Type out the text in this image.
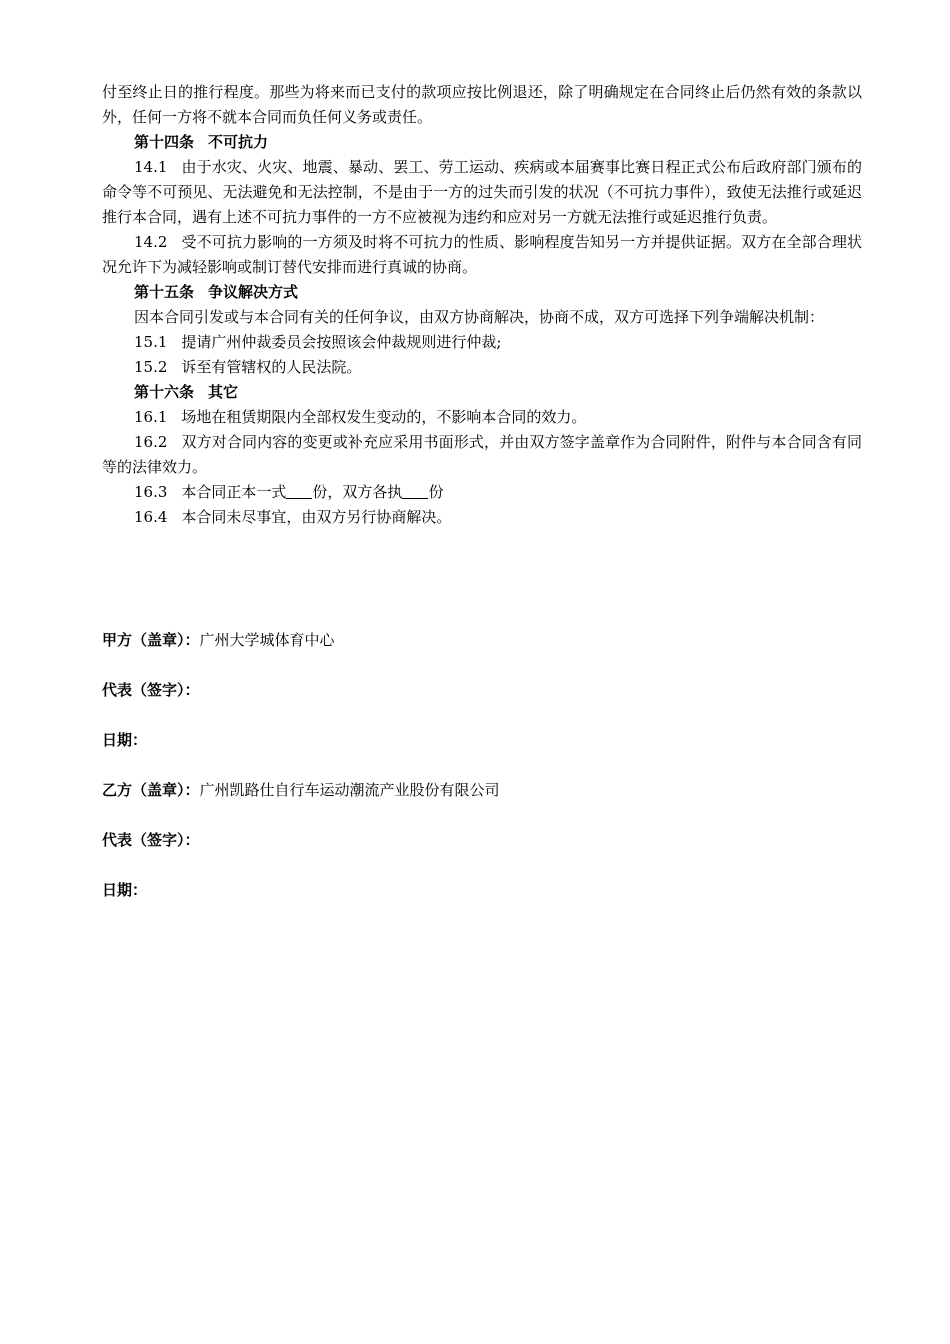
付至终止日的推行程度。那些为将来而已支付的款项应按比例退还，除了明确规定在合同终止后仍然有效的条款以外，任何一方将不就本合同而负任何义务或责任。

第十四条 不可抗力

14.1 由于水灾、火灾、地震、暴动、罢工、劳工运动、疾病或本届赛事比赛日程正式公布后政府部门颁布的命令等不可预见、无法避免和无法控制，不是由于一方的过失而引发的状况（不可抗力事件），致使无法推行或延迟推行本合同，遇有上述不可抗力事件的一方不应被视为违约和应对另一方就无法推行或延迟推行负责。

14.2 受不可抗力影响的一方须及时将不可抗力的性质、影响程度告知另一方并提供证据。双方在全部合理状况允许下为减轻影响或制订替代安排而进行真诚的协商。

第十五条 争议解决方式

因本合同引发或与本合同有关的任何争议，由双方协商解决，协商不成，双方可选择下列争端解决机制：

15.1 提请广州仲裁委员会按照该会仲裁规则进行仲裁;

15.2 诉至有管辖权的人民法院。

第十六条 其它

16.1 场地在租赁期限内全部权发生变动的，不影响本合同的效力。

16.2 双方对合同内容的变更或补充应采用书面形式，并由双方签字盖章作为合同附件，附件与本合同含有同等的法律效力。

16.3 本合同正本一式 份，双方各执 份

16.4 本合同未尽事宜，由双方另行协商解决。

甲方（盖章）：广州大学城体育中心
代表（签字）：
日期：
乙方（盖章）：广州凯路仕自行车运动潮流产业股份有限公司
代表（签字）：
日期：
